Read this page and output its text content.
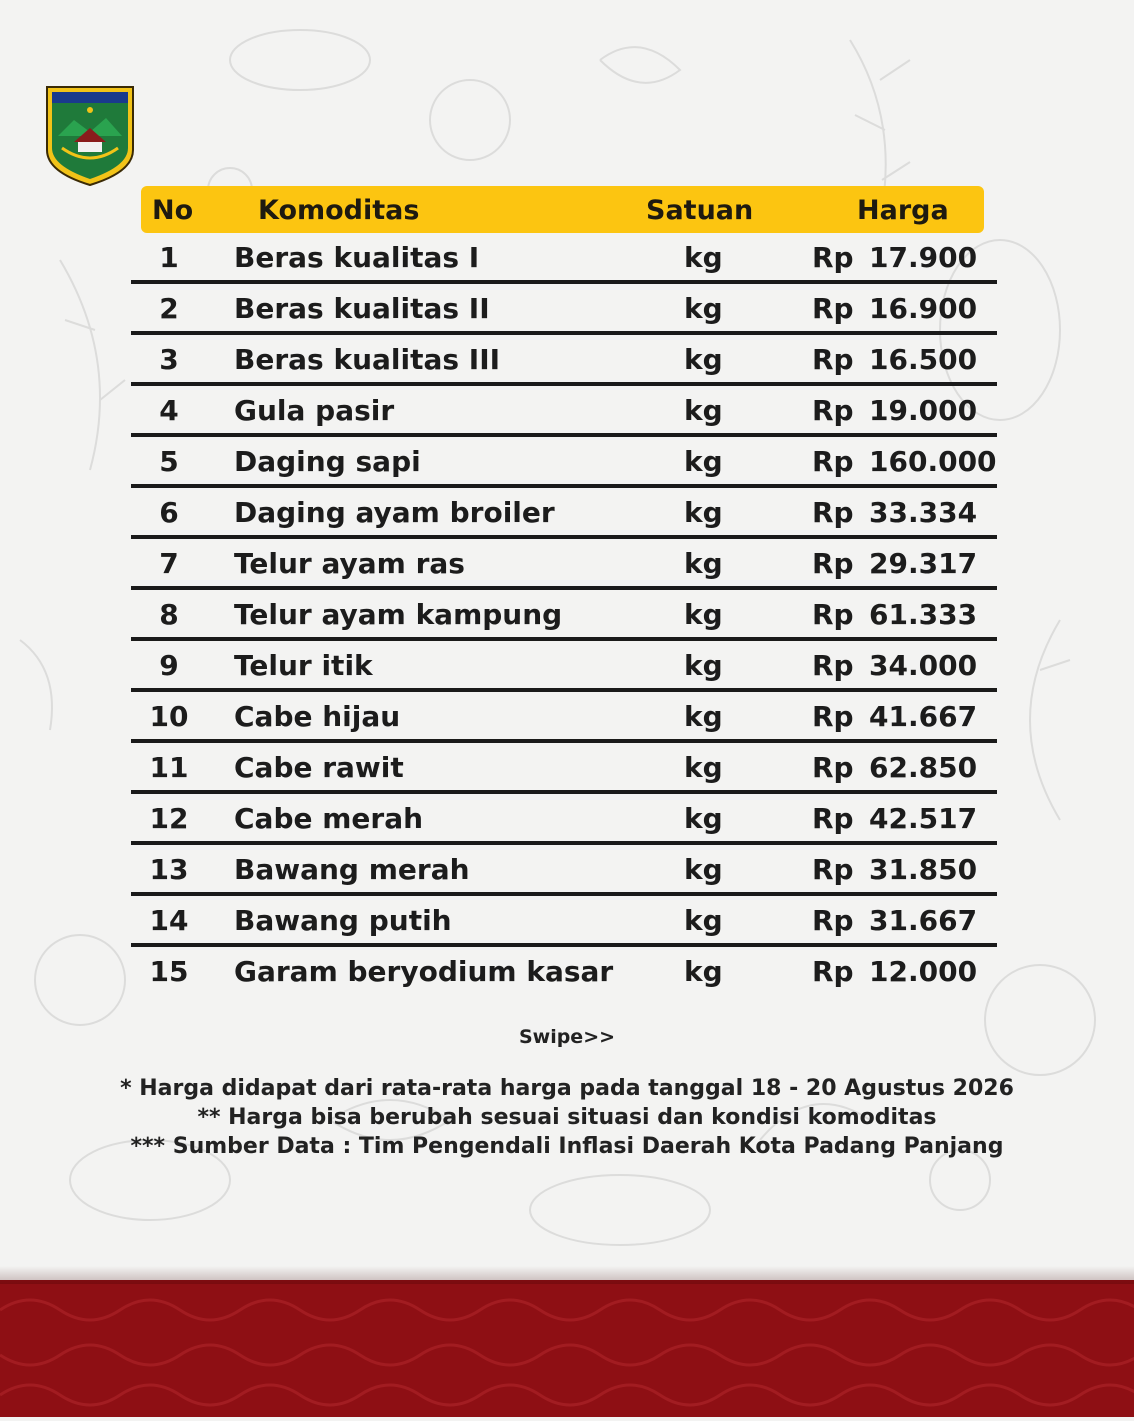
No Komoditas	Satuan	Harga
1	Beras kualitas I	kg	Rp 17.900
2	Beras kualitas II	kg	Rp 16.900
3	Beras kualitas III	kg	Rp 16.500
4	Gula pasir	kg	Rp 19.000
5	Daging sapi	kg	Rp 160.000
6	Daging ayam broiler	kg	Rp 33.334
7	Telur ayam ras	kg	Rp 29.317
8	Telur ayam kampung	kg	Rp 61.333
9	Telur itik	kg	Rp 34.000
10	Cabe hijau	kg	Rp 41.667
11	Cabe rawit	kg	Rp 62.850
12	Cabe merah	kg	Rp 42.517
13	Bawang merah	kg	Rp 31.850
14	Bawang putih	kg	Rp 31.667
15	Garam beryodium kasar	kg	Rp 12.000
Swipe>>
* Harga didapat dari rata-rata harga pada tanggal 18 - 20 Agustus 2026
** Harga bisa berubah sesuai situasi dan kondisi komoditas
*** Sumber Data : Tim Pengendali Inflasi Daerah Kota Padang Panjang
